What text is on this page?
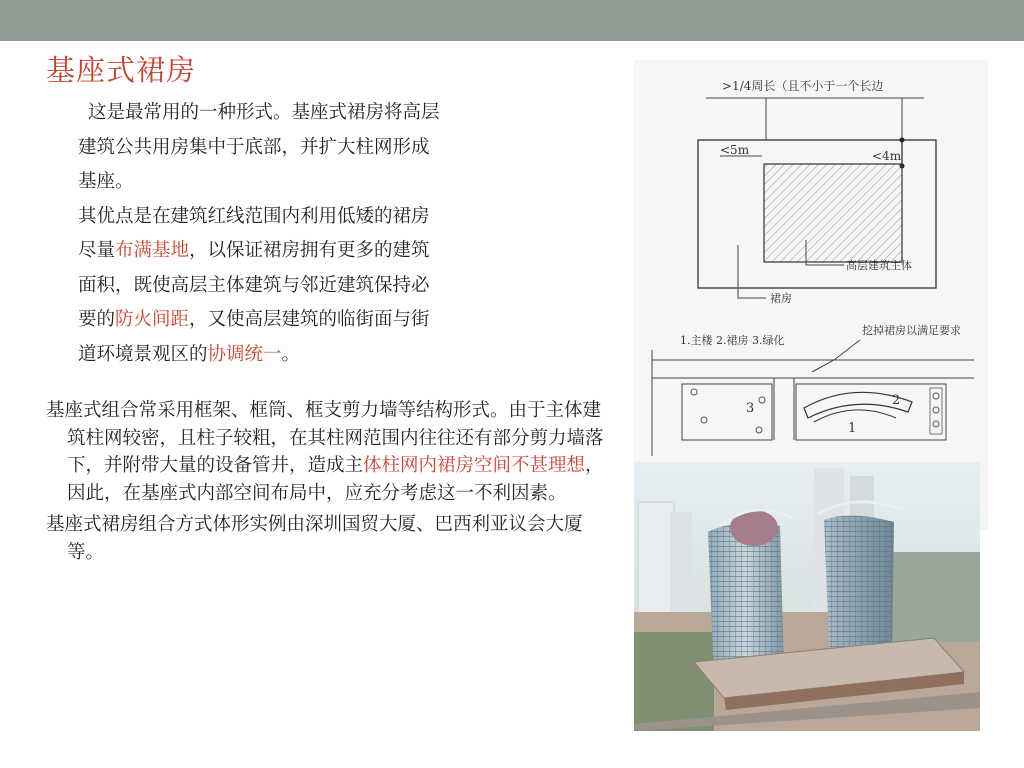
基座式裙房

这是最常用的一种形式。基座式裙房将高层

建筑公共用房集中于底部，并扩大柱网形成

基座。

其优点是在建筑红线范围内利用低矮的裙房

尽量布满基地，以保证裙房拥有更多的建筑

面积，既使高层主体建筑与邻近建筑保持必

要的防火间距，又使高层建筑的临街面与街

道环境景观区的协调统一。

基座式组合常采用框架、框筒、框支剪力墙等结构形式。由于主体建筑柱网较密，且柱子较粗，在其柱网范围内往往还有部分剪力墙落下，并附带大量的设备管井，造成主体柱网内裙房空间不甚理想，因此，在基座式内部空间布局中，应充分考虑这一不利因素。

基座式裙房组合方式体形实例由深圳国贸大厦、巴西利亚议会大厦等。

>1/4周长（且不小于一个长边
<5m	<4m
高层建筑主体
裙房
1.主楼 2.裙房 3.绿化
挖掉裙房以满足要求
3
1
2
